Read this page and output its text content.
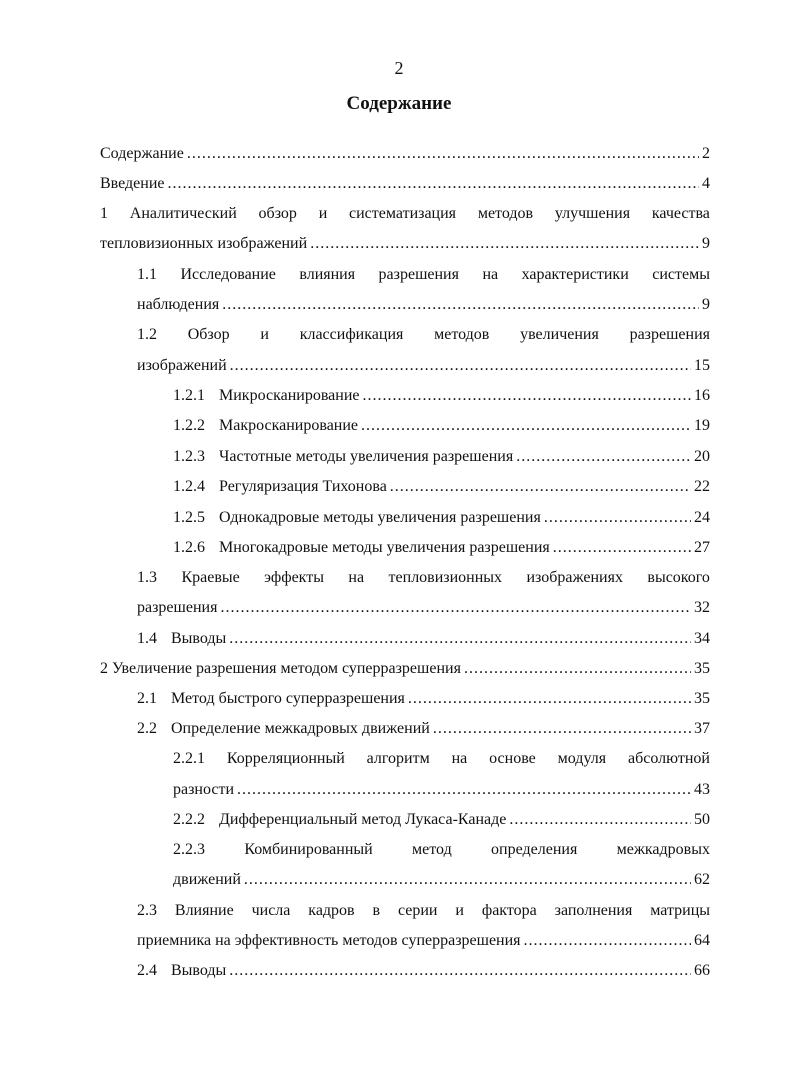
2
Содержание
Содержание .....	2
Введение .....	4
1 Аналитический обзор и систематизация методов улучшения качества
тепловизионных изображений .....	9
1.1 Исследование влияния разрешения на характеристики системы
наблюдения .....	9
1.2 Обзор и классификация методов увеличения разрешения
изображений .....	15
1.2.1 Микросканирование .....	16
1.2.2 Макросканирование .....	19
1.2.3 Частотные методы увеличения разрешения .....	20
1.2.4 Регуляризация Тихонова .....	22
1.2.5 Однокадровые методы увеличения разрешения .....	24
1.2.6 Многокадровые методы увеличения разрешения .....	27
1.3 Краевые эффекты на тепловизионных изображениях высокого
разрешения .....	32
1.4 Выводы .....	34
2 Увеличение разрешения методом суперразрешения .....	35
2.1 Метод быстрого суперразрешения .....	35
2.2 Определение межкадровых движений .....	37
2.2.1 Корреляционный алгоритм на основе модуля абсолютной
разности .....	43
2.2.2 Дифференциальный метод Лукаса-Канаде .....	50
2.2.3 Комбинированный метод определения межкадровых
движений .....	62
2.3 Влияние числа кадров в серии и фактора заполнения матрицы
приемника на эффективность методов суперразрешения .....	64
2.4 Выводы .....	66
